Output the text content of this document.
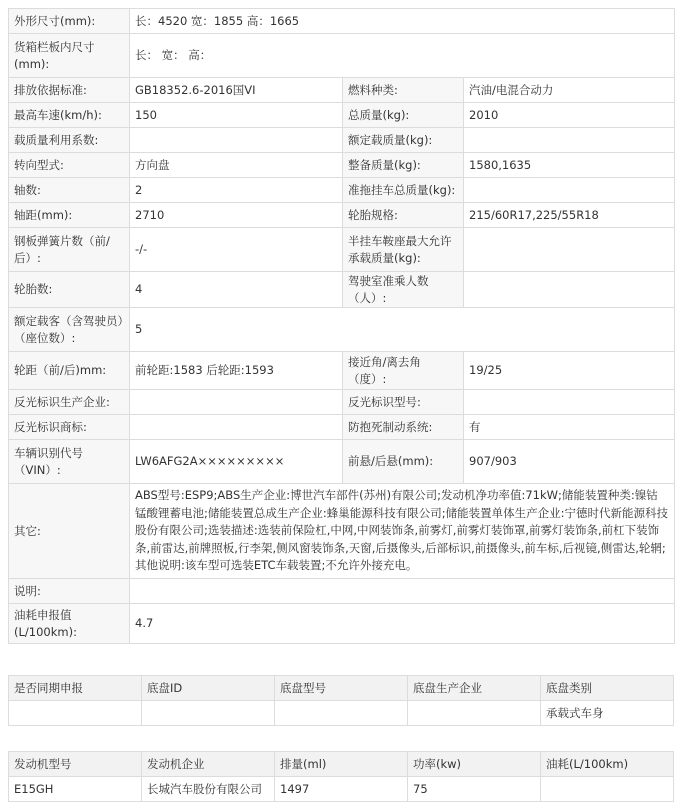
外形尺寸(mm):	长：4520 宽：1855 高：1665		
货箱栏板内尺寸(mm):	长： 宽： 高：		
排放依据标准:	GB18352.6-2016国VI	燃料种类:	汽油/电混合动力
最高车速(km/h):	150	总质量(kg):	2010
载质量利用系数:		额定载质量(kg):	
转向型式:	方向盘	整备质量(kg):	1580,1635
轴数:	2	准拖挂车总质量(kg):	
轴距(mm):	2710	轮胎规格:	215/60R17,225/55R18
钢板弹簧片数（前/后）:	-/-	半挂车鞍座最大允许承载质量(kg):	
轮胎数:	4	驾驶室准乘人数（人）:	
额定载客（含驾驶员）（座位数）:	5		
轮距（前/后)mm:	前轮距:1583 后轮距:1593	接近角/离去角（度）:	19/25
反光标识生产企业:		反光标识型号:	
反光标识商标:		防抱死制动系统:	有
车辆识别代号（VIN）:	LW6AFG2A×××××××××	前悬/后悬(mm):	907/903
其它:	ABS型号:ESP9;ABS生产企业:博世汽车部件(苏州)有限公司;发动机净功率值:71kW;储能装置种类:镍钴锰酸锂蓄电池;储能装置总成生产企业:蜂巢能源科技有限公司;储能装置单体生产企业:宁德时代新能源科技股份有限公司;选装描述:选装前保险杠,中网,中网装饰条,前雾灯,前雾灯装饰罩,前雾灯装饰条,前杠下装饰条,前雷达,前牌照板,行李架,侧风窗装饰条,天窗,后摄像头,后部标识,前摄像头,前车标,后视镜,侧雷达,轮辋;其他说明:该车型可选装ETC车载装置;不允许外接充电。		
说明:			
油耗申报值(L/100km):	4.7		
是否同期申报	底盘ID	底盘型号	底盘生产企业	底盘类别
				承载式车身
发动机型号	发动机企业	排量(ml)	功率(kw)	油耗(L/100km)
E15GH	长城汽车股份有限公司	1497	75	
